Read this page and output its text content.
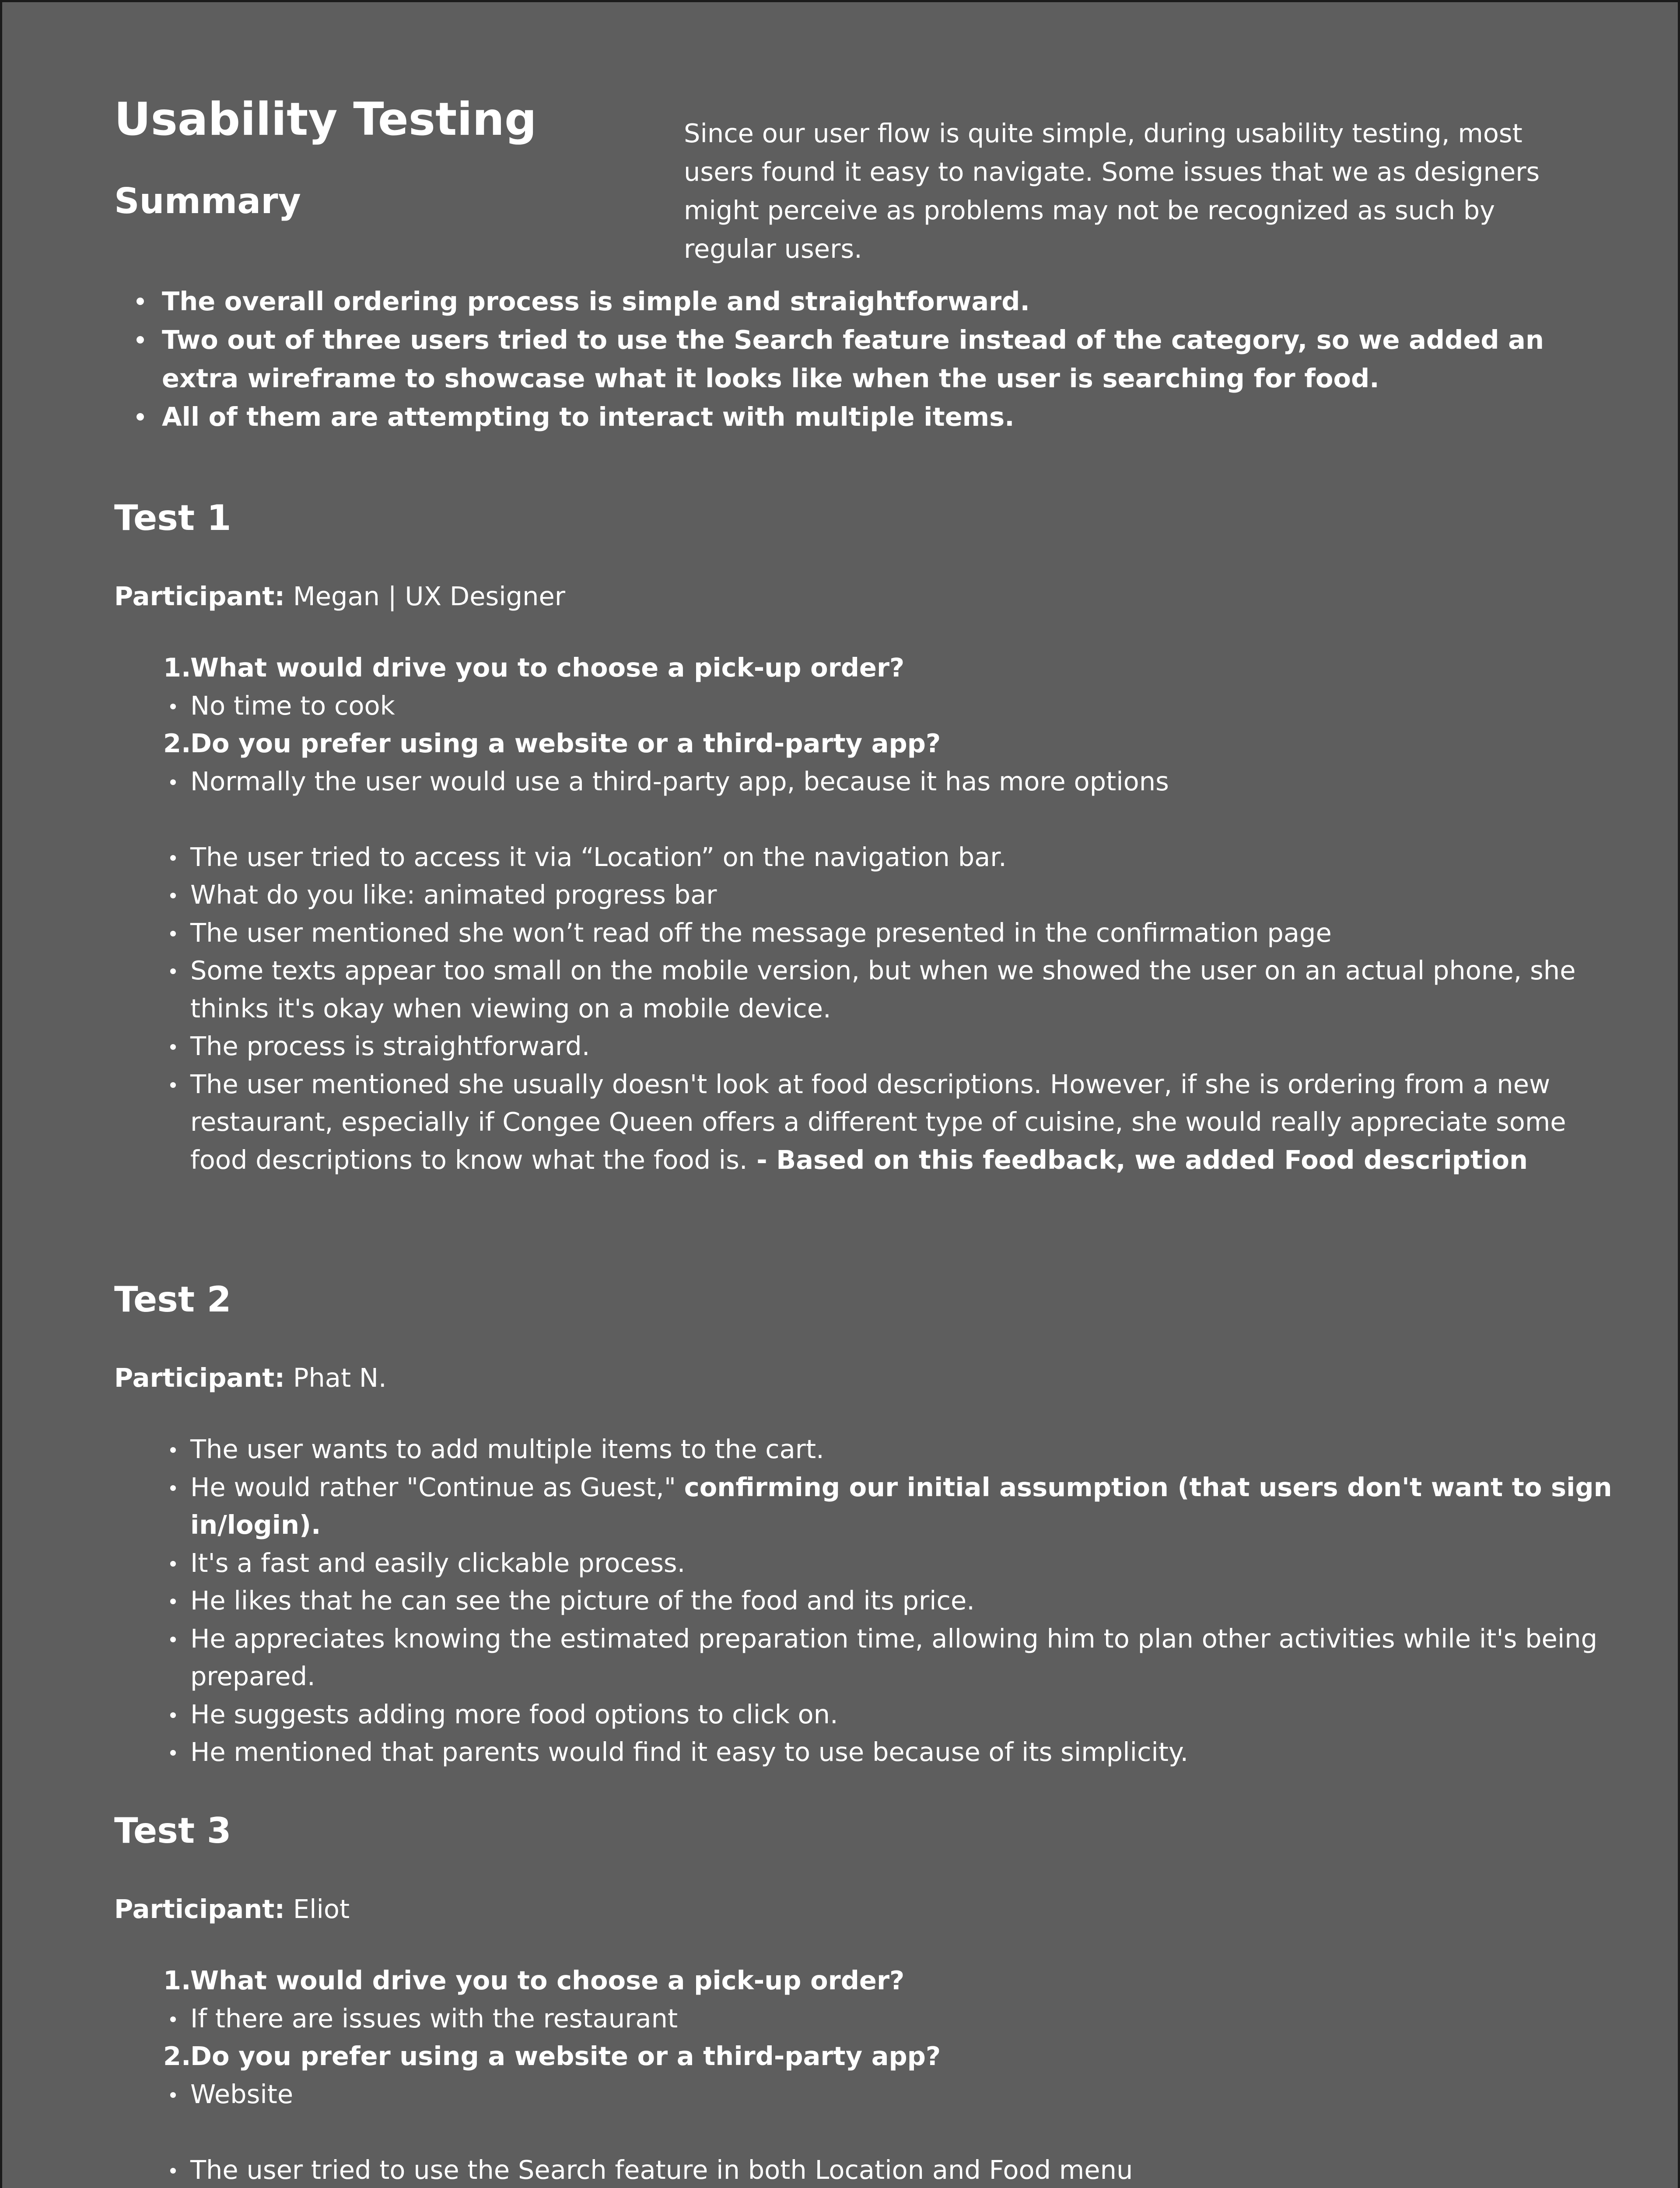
Usability Testing
Summary

Since our user flow is quite simple, during usability testing, most users found it easy to navigate. Some issues that we as designers might perceive as problems may not be recognized as such by regular users.

The overall ordering process is simple and straightforward.
Two out of three users tried to use the Search feature instead of the category, so we added an extra wireframe to showcase what it looks like when the user is searching for food.
All of them are attempting to interact with multiple items.
Test 1

Participant: Megan | UX Designer

1.
What would drive you to choose a pick-up order?
No time to cook
2.
Do you prefer using a website or a third-party app?
Normally the user would use a third-party app, because it has more options
The user tried to access it via “Location” on the navigation bar.
What do you like: animated progress bar
The user mentioned she won’t read off the message presented in the confirmation page
Some texts appear too small on the mobile version, but when we showed the user on an actual phone, she thinks it's okay when viewing on a mobile device.
The process is straightforward.
The user mentioned she usually doesn't look at food descriptions. However, if she is ordering from a new restaurant, especially if Congee Queen offers a different type of cuisine, she would really appreciate some food descriptions to know what the food is. - Based on this feedback, we added Food description
Test 2

Participant: Phat N.

The user wants to add multiple items to the cart.
He would rather "Continue as Guest," confirming our initial assumption (that users don't want to sign in/login).
It's a fast and easily clickable process.
He likes that he can see the picture of the food and its price.
He appreciates knowing the estimated preparation time, allowing him to plan other activities while it's being prepared.
He suggests adding more food options to click on.
He mentioned that parents would find it easy to use because of its simplicity.
Test 3

Participant: Eliot

1.
What would drive you to choose a pick-up order?
If there are issues with the restaurant
2.
Do you prefer using a website or a third-party app?
Website
The user tried to use the Search feature in both Location and Food menu
